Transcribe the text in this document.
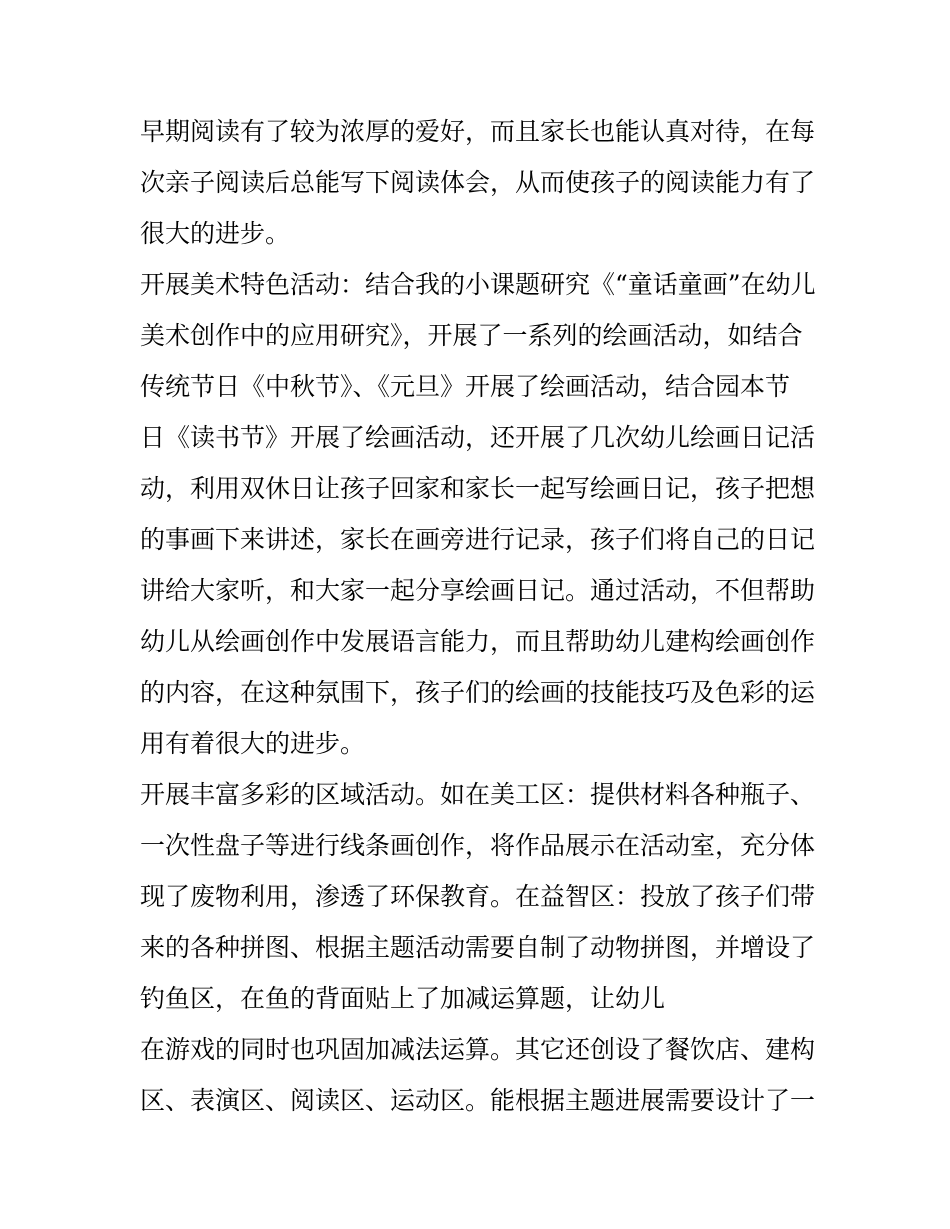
早期阅读有了较为浓厚的爱好，而且家长也能认真对待，在每
次亲子阅读后总能写下阅读体会，从而使孩子的阅读能力有了
很大的进步。
开展美术特色活动：结合我的小课题研究《“童话童画”在幼儿
美术创作中的应用研究》，开展了一系列的绘画活动，如结合
传统节日《中秋节》、《元旦》开展了绘画活动，结合园本节
日《读书节》开展了绘画活动，还开展了几次幼儿绘画日记活
动，利用双休日让孩子回家和家长一起写绘画日记，孩子把想
的事画下来讲述，家长在画旁进行记录，孩子们将自己的日记
讲给大家听，和大家一起分享绘画日记。通过活动，不但帮助
幼儿从绘画创作中发展语言能力，而且帮助幼儿建构绘画创作
的内容，在这种氛围下，孩子们的绘画的技能技巧及色彩的运
用有着很大的进步。
开展丰富多彩的区域活动。如在美工区：提供材料各种瓶子、
一次性盘子等进行线条画创作，将作品展示在活动室，充分体
现了废物利用，渗透了环保教育。在益智区：投放了孩子们带
来的各种拼图、根据主题活动需要自制了动物拼图，并增设了
钓鱼区，在鱼的背面贴上了加减运算题，让幼儿
在游戏的同时也巩固加减法运算。其它还创设了餐饮店、建构
区、表演区、阅读区、运动区。能根据主题进展需要设计了一
